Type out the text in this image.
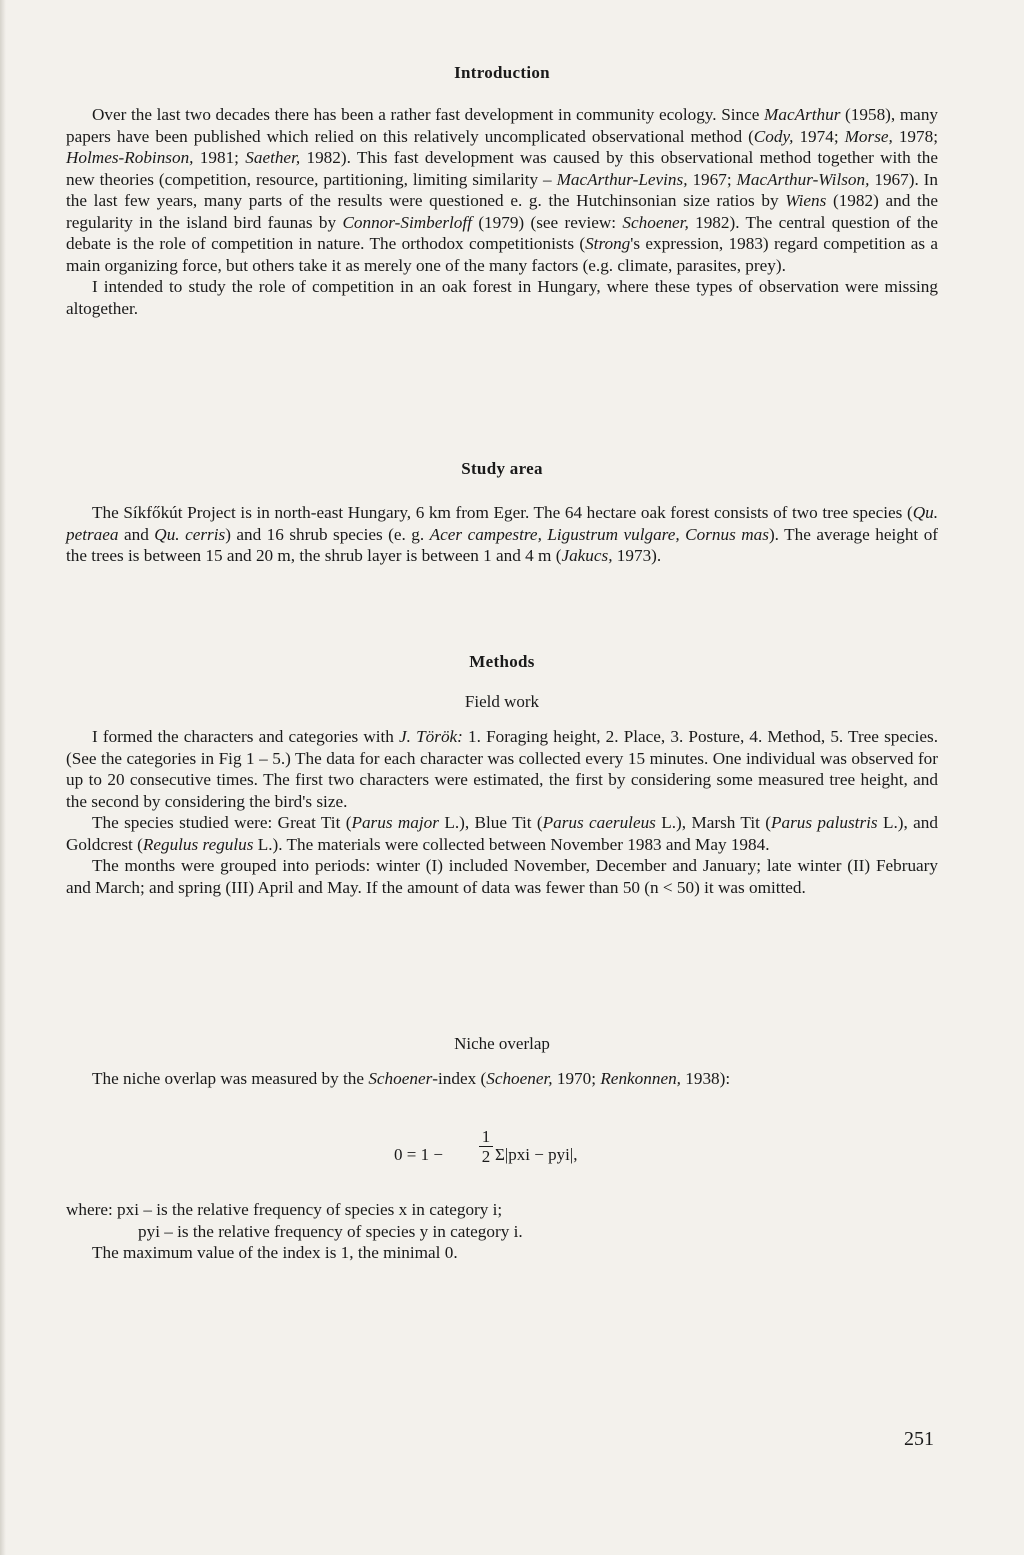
Introduction

Over the last two decades there has been a rather fast development in community ecology. Since MacArthur (1958), many papers have been published which relied on this relatively uncomplicated observational method (Cody, 1974; Morse, 1978; Holmes-Robinson, 1981; Saether, 1982). This fast development was caused by this observational method together with the new theories (competition, resource, partitioning, limiting similarity – MacArthur-Levins, 1967; MacArthur-Wilson, 1967). In the last few years, many parts of the results were questioned e. g. the Hutchinsonian size ratios by Wiens (1982) and the regularity in the island bird faunas by Connor-Simberloff (1979) (see review: Schoener, 1982). The central question of the debate is the role of competition in nature. The orthodox competitionists (Strong's expression, 1983) regard competition as a main organizing force, but others take it as merely one of the many factors (e.g. climate, parasites, prey).

I intended to study the role of competition in an oak forest in Hungary, where these types of observation were missing altogether.

Study area

The Síkfőkút Project is in north-east Hungary, 6 km from Eger. The 64 hectare oak forest consists of two tree species (Qu. petraea and Qu. cerris) and 16 shrub species (e. g. Acer campestre, Ligustrum vulgare, Cornus mas). The average height of the trees is between 15 and 20 m, the shrub layer is between 1 and 4 m (Jakucs, 1973).

Methods
Field work

I formed the characters and categories with J. Török: 1. Foraging height, 2. Place, 3. Posture, 4. Method, 5. Tree species. (See the categories in Fig 1 – 5.) The data for each character was collected every 15 minutes. One individual was observed for up to 20 consecutive times. The first two characters were estimated, the first by considering some measured tree height, and the second by considering the bird's size.

The species studied were: Great Tit (Parus major L.), Blue Tit (Parus caeruleus L.), Marsh Tit (Parus palustris L.), and Goldcrest (Regulus regulus L.). The materials were collected between November 1983 and May 1984.

The months were grouped into periods: winter (I) included November, December and January; late winter (II) February and March; and spring (III) April and May. If the amount of data was fewer than 50 (n < 50) it was omitted.

Niche overlap

The niche overlap was measured by the Schoener-index (Schoener, 1970; Renkonnen, 1938):

0 = 1 −
1
2 Σ|pxi − pyi|,
where: pxi – is the relative frequency of species x in category i;
pyi – is the relative frequency of species y in category i.
The maximum value of the index is 1, the minimal 0.
251
